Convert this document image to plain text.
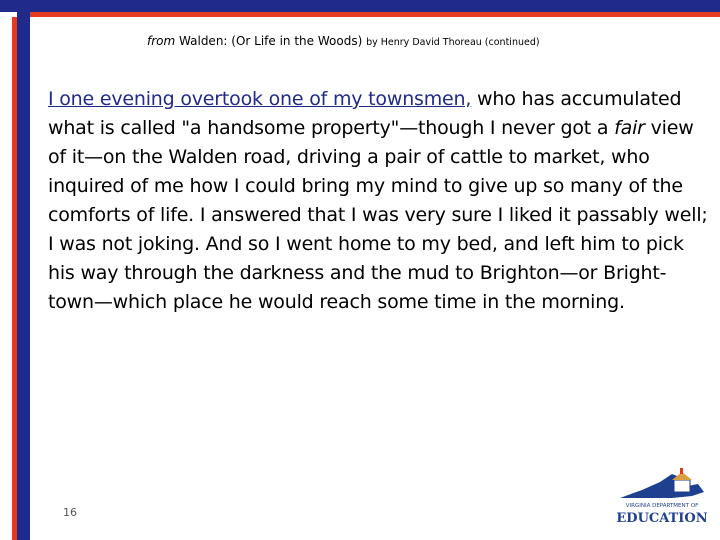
from Walden: (Or Life in the Woods) by Henry David Thoreau (continued)
I one evening overtook one of my townsmen, who has accumulated what is called "a handsome property"—though I never got a fair view of it—on the Walden road, driving a pair of cattle to market, who inquired of me how I could bring my mind to give up so many of the comforts of life. I answered that I was very sure I liked it passably well; I was not joking. And so I went home to my bed, and left him to pick his way through the darkness and the mud to Brighton—or Bright-town—which place he would reach some time in the morning.
16	VIRGINIA DEPARTMENT OF
EDUCATION
